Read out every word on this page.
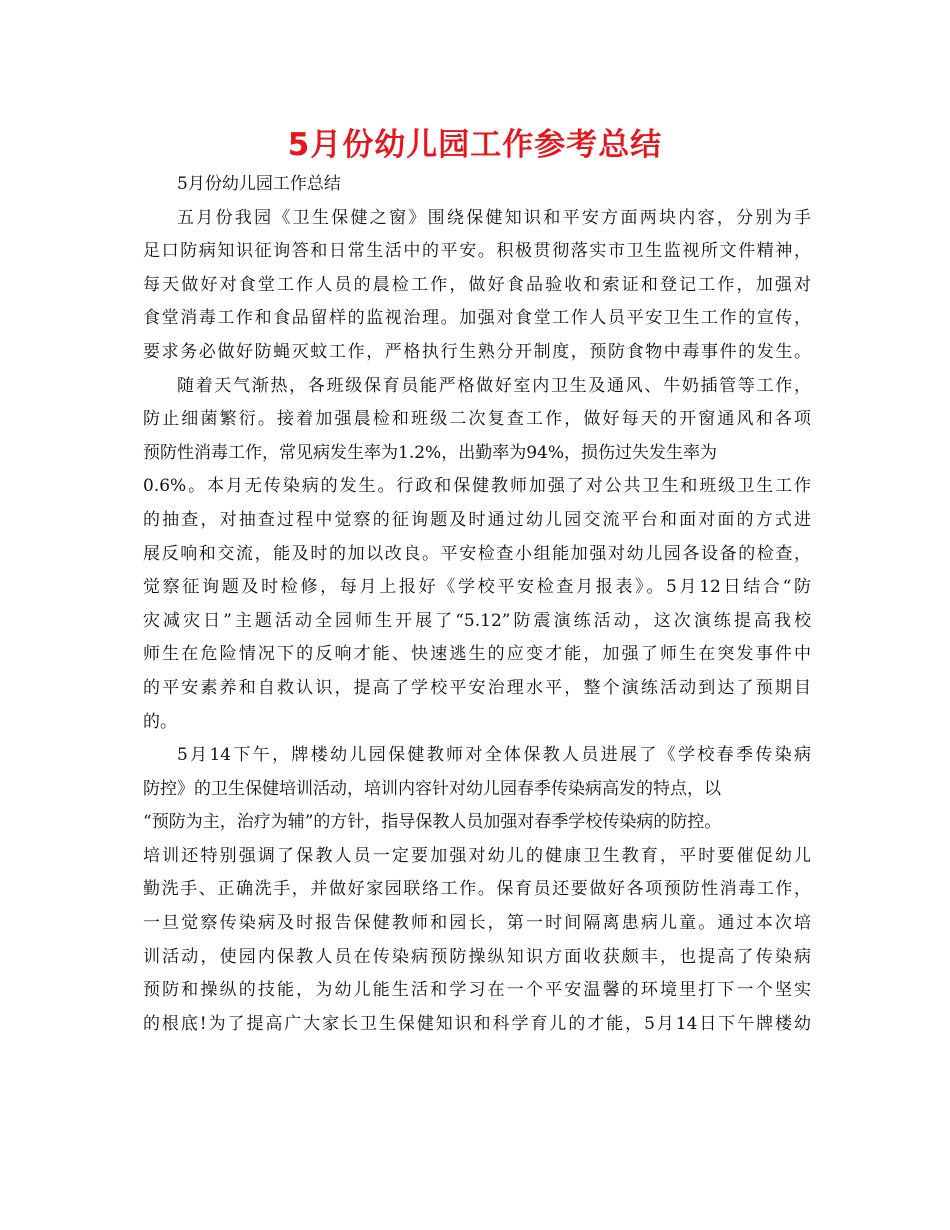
5月份幼儿园工作参考总结
5月份幼儿园工作总结
五月份我园《卫生保健之窗》围绕保健知识和平安方面两块内容，分别为手
足口防病知识征询答和日常生活中的平安。积极贯彻落实市卫生监视所文件精神，
每天做好对食堂工作人员的晨检工作，做好食品验收和索证和登记工作，加强对
食堂消毒工作和食品留样的监视治理。加强对食堂工作人员平安卫生工作的宣传，
要求务必做好防蝇灭蚊工作，严格执行生熟分开制度，预防食物中毒事件的发生。
随着天气渐热，各班级保育员能严格做好室内卫生及通风、牛奶插管等工作，
防止细菌繁衍。接着加强晨检和班级二次复查工作，做好每天的开窗通风和各项
预防性消毒工作，常见病发生率为1.2%，出勤率为94%，损伤过失发生率为
0.6%。本月无传染病的发生。行政和保健教师加强了对公共卫生和班级卫生工作
的抽查，对抽查过程中觉察的征询题及时通过幼儿园交流平台和面对面的方式进
展反响和交流，能及时的加以改良。平安检查小组能加强对幼儿园各设备的检查，
觉察征询题及时检修，每月上报好《学校平安检查月报表》。5月12日结合“防
灾减灾日”主题活动全园师生开展了“5.12”防震演练活动，这次演练提高我校
师生在危险情况下的反响才能、快速逃生的应变才能，加强了师生在突发事件中
的平安素养和自救认识，提高了学校平安治理水平，整个演练活动到达了预期目
的。
5月14下午，牌楼幼儿园保健教师对全体保教人员进展了《学校春季传染病
防控》的卫生保健培训活动，培训内容针对幼儿园春季传染病高发的特点，以
“预防为主，治疗为辅”的方针，指导保教人员加强对春季学校传染病的防控。
培训还特别强调了保教人员一定要加强对幼儿的健康卫生教育，平时要催促幼儿
勤洗手、正确洗手，并做好家园联络工作。保育员还要做好各项预防性消毒工作，
一旦觉察传染病及时报告保健教师和园长，第一时间隔离患病儿童。通过本次培
训活动，使园内保教人员在传染病预防操纵知识方面收获颇丰，也提高了传染病
预防和操纵的技能，为幼儿能生活和学习在一个平安温馨的环境里打下一个坚实
的根底!为了提高广大家长卫生保健知识和科学育儿的才能，5月14日下午牌楼幼
